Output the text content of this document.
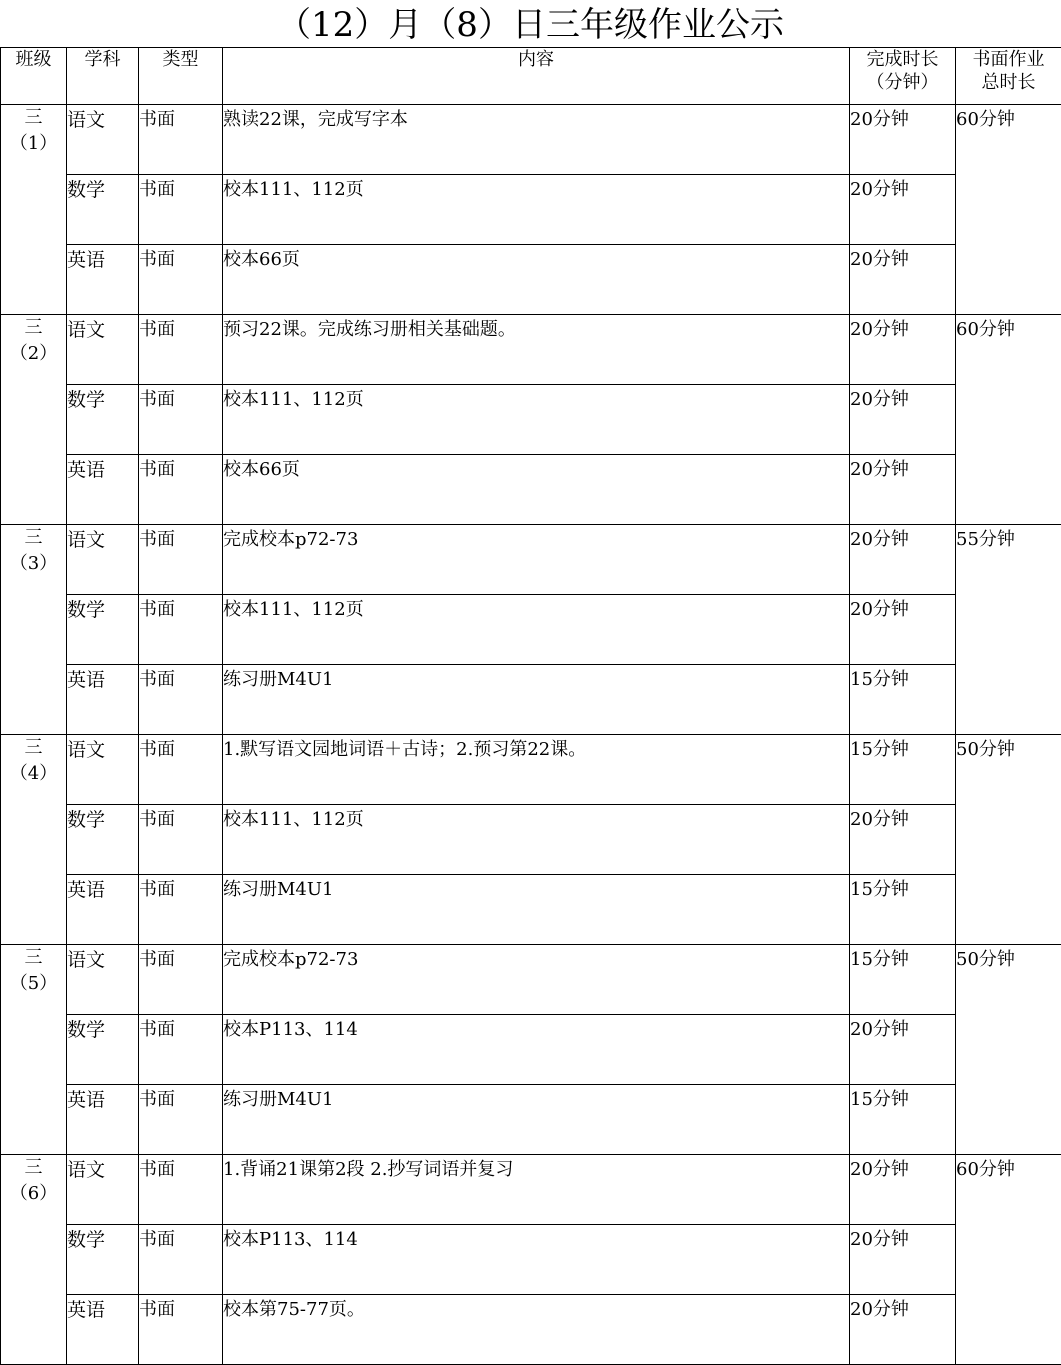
（12）月（8）日三年级作业公示
班级	学科	类型	内容	完成时长
（分钟）	书面作业
总时长

三
（1）	语文	书面	熟读22课，完成写字本	20分钟	60分钟
	数学	书面	校本111、112页	20分钟	
	英语	书面	校本66页	20分钟	

三
（2）	语文	书面	预习22课。完成练习册相关基础题。	20分钟	60分钟
	数学	书面	校本111、112页	20分钟	
	英语	书面	校本66页	20分钟	

三
（3）	语文	书面	完成校本p72-73	20分钟	55分钟
	数学	书面	校本111、112页	20分钟	
	英语	书面	练习册M4U1	15分钟	

三
（4）	语文	书面	1.默写语文园地词语＋古诗；2.预习第22课。	15分钟	50分钟
	数学	书面	校本111、112页	20分钟	
	英语	书面	练习册M4U1	15分钟	

三
（5）	语文	书面	完成校本p72-73	15分钟	50分钟
	数学	书面	校本P113、114	20分钟	
	英语	书面	练习册M4U1	15分钟	

三
（6）	语文	书面	1.背诵21课第2段 2.抄写词语并复习	20分钟	60分钟
	数学	书面	校本P113、114	20分钟	
	英语	书面	校本第75-77页。	20分钟	
